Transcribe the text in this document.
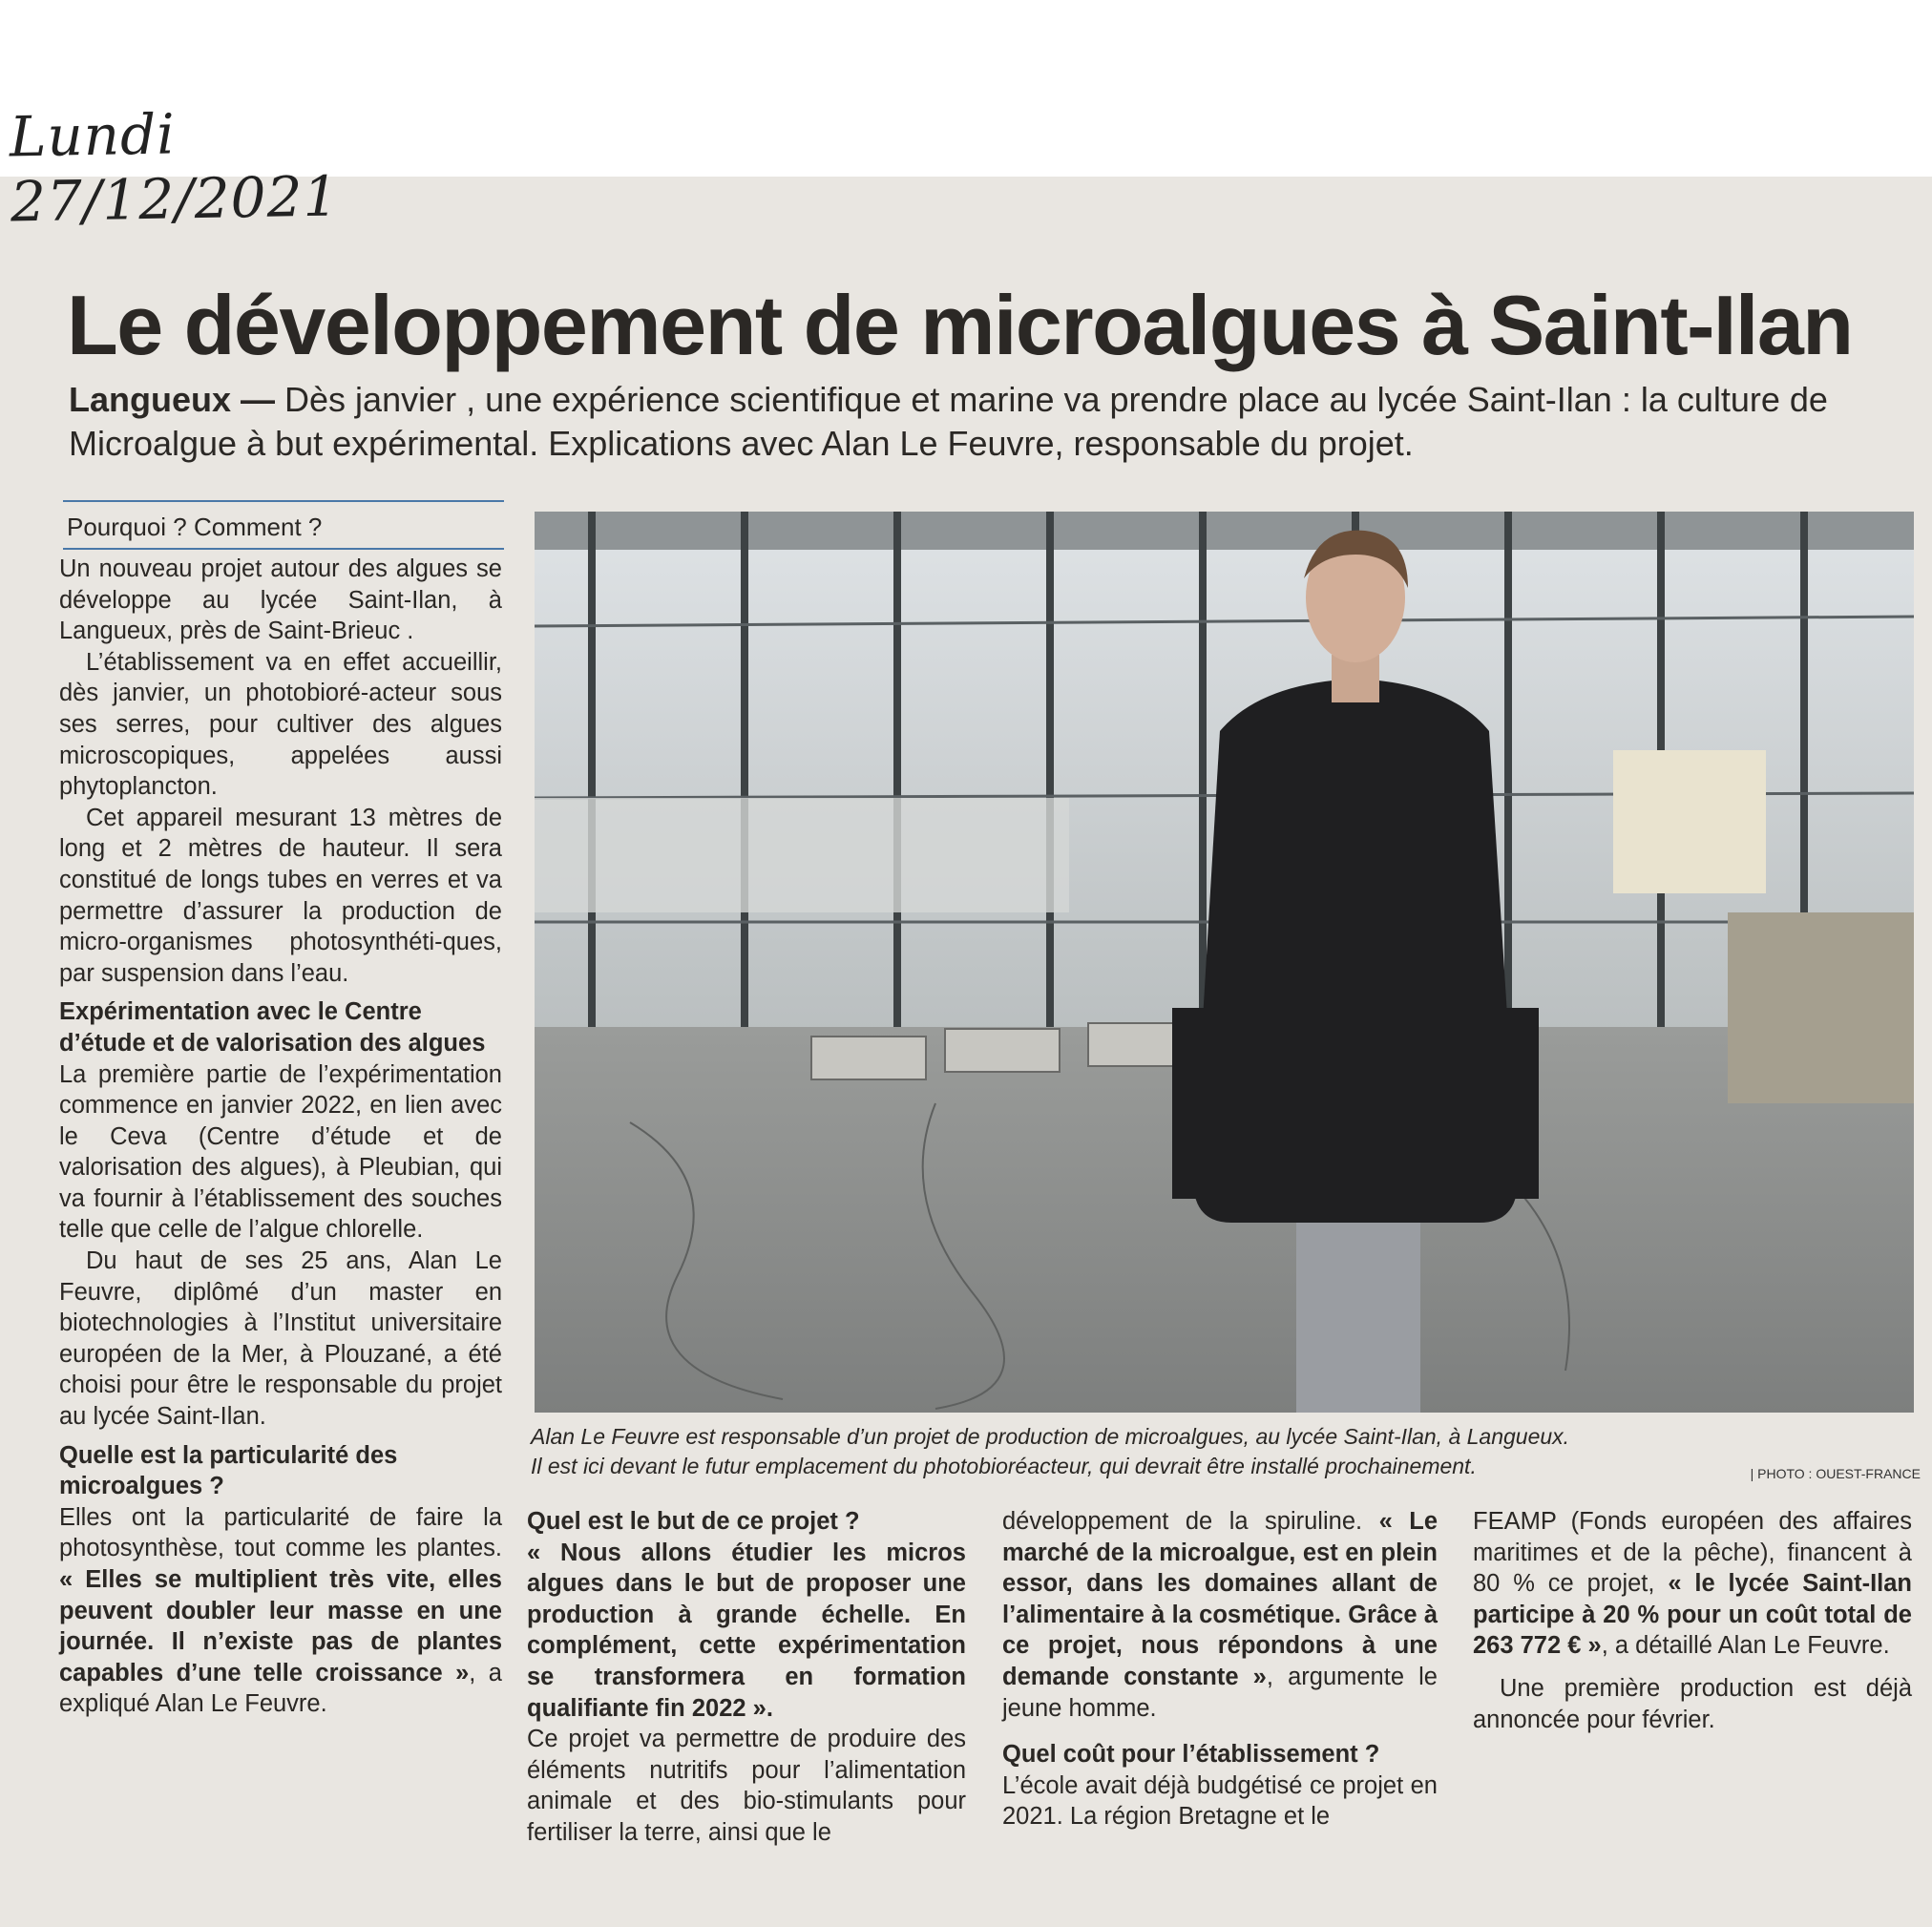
Lundi 27/12/2021
Le développement de microalgues à Saint-Ilan
Langueux — Dès janvier , une expérience scientifique et marine va prendre place au lycée Saint-Ilan : la culture de Microalgue à but expérimental. Explications avec Alan Le Feuvre, responsable du projet.
Pourquoi ? Comment ?

Un nouveau projet autour des algues se développe au lycée Saint-Ilan, à Langueux, près de Saint-Brieuc .

L’établissement va en effet accueillir, dès janvier, un photobioré-acteur sous ses serres, pour cultiver des algues microscopiques, appelées aussi phytoplancton.

Cet appareil mesurant 13 mètres de long et 2 mètres de hauteur. Il sera constitué de longs tubes en verres et va permettre d’assurer la production de micro-organismes photosynthéti-ques, par suspension dans l’eau.

Expérimentation avec le Centre d’étude et de valorisation des algues

La première partie de l’expérimentation commence en janvier 2022, en lien avec le Ceva (Centre d’étude et de valorisation des algues), à Pleubian, qui va fournir à l’établissement des souches telle que celle de l’algue chlorelle.

Du haut de ses 25 ans, Alan Le Feuvre, diplômé d’un master en biotechnologies à l’Institut universitaire européen de la Mer, à Plouzané, a été choisi pour être le responsable du projet au lycée Saint-Ilan.

Quelle est la particularité des microalgues ?

Elles ont la particularité de faire la photosynthèse, tout comme les plantes. « Elles se multiplient très vite, elles peuvent doubler leur masse en une journée. Il n’existe pas de plantes capables d’une telle croissance », a expliqué Alan Le Feuvre.

Alan Le Feuvre est responsable d’un projet de production de microalgues, au lycée Saint-Ilan, à Langueux.
Il est ici devant le futur emplacement du photobioréacteur, qui devrait être installé prochainement.	| PHOTO : OUEST-FRANCE
Quel est le but de ce projet ?

« Nous allons étudier les micros algues dans le but de proposer une production à grande échelle. En complément, cette expérimentation se transformera en formation qualifiante fin 2022 ».

Ce projet va permettre de produire des éléments nutritifs pour l’alimentation animale et des bio-stimulants pour fertiliser la terre, ainsi que le

développement de la spiruline. « Le marché de la microalgue, est en plein essor, dans les domaines allant de l’alimentaire à la cosmétique. Grâce à ce projet, nous répondons à une demande constante », argumente le jeune homme.

Quel coût pour l’établissement ?

L’école avait déjà budgétisé ce projet en 2021. La région Bretagne et le

FEAMP (Fonds européen des affaires maritimes et de la pêche), financent à 80 % ce projet, « le lycée Saint-Ilan participe à 20 % pour un coût total de 263 772 € », a détaillé Alan Le Feuvre.

Une première production est déjà annoncée pour février.
